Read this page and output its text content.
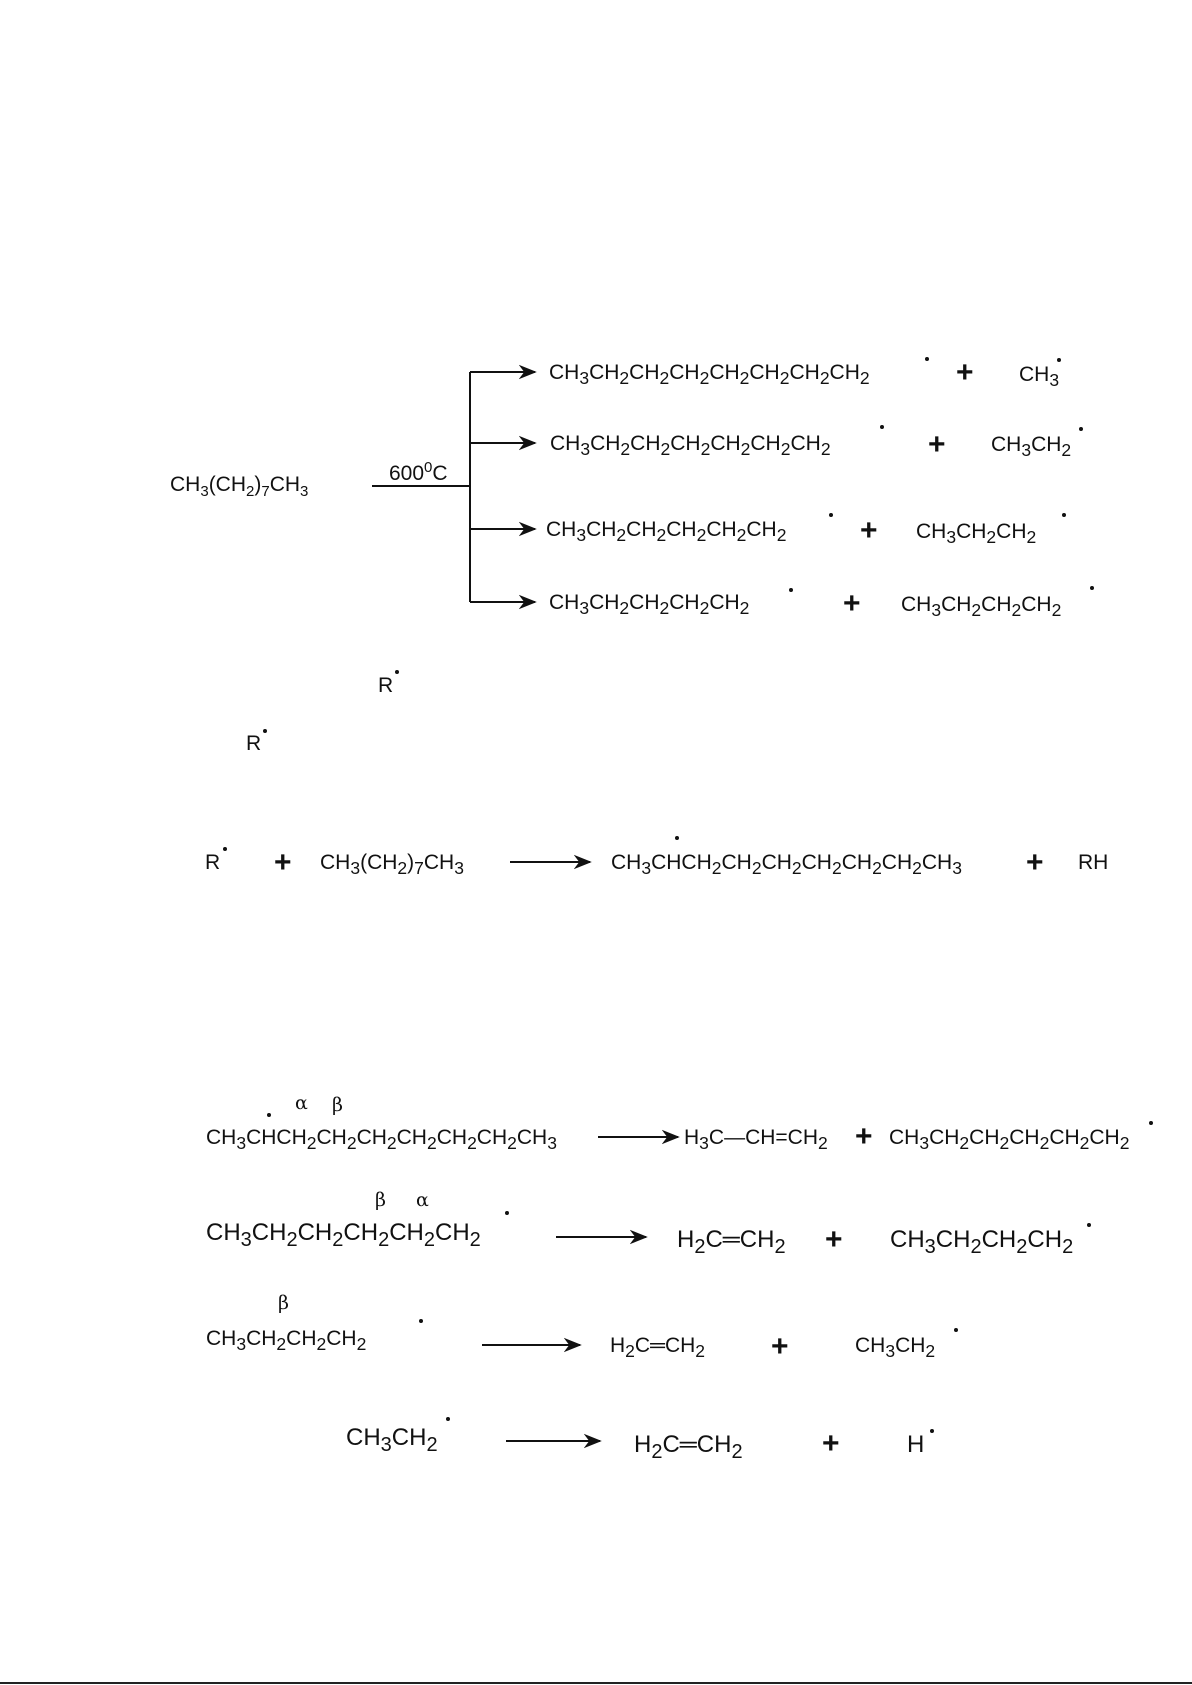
$CH_3(CH_2)_7CH_3$
$600^0C$
$CH_3CH_2CH_2CH_2CH_2CH_2CH_2CH_2$	+ $CH_3$
$CH_3CH_2CH_2CH_2CH_2CH_2CH_2$	+ $CH_3CH_2$
$CH_3CH_2CH_2CH_2CH_2CH_2 + CH_3CH_2CH_2$
$CH_3CH_2CH_2CH_2CH_2$	+ $CH_3CH_2CH_2CH_2$
R
R
$R + CH_3(CH_2)_7CH_3$	$CH_3CHCH_2CH_2CH_2CH_2CH_2CH_2CH_3$ + RH
α β
$CH_3CHCH_2CH_2CH_2CH_2CH_2CH_2CH_3$	$H_3C—CH=CH_2 + CH_3CH_2CH_2CH_2CH_2CH_2$
β α
$CH_3CH_2CH_2CH_2CH_2CH_2$	$H_2C═CH_2 + CH_3CH_2CH_2CH_2$
β
$CH_3CH_2CH_2CH_2$	$H_2C═CH_2$ +	$CH_3CH_2$
$CH_3CH_2$	$H_2C═CH_2$	+	H
